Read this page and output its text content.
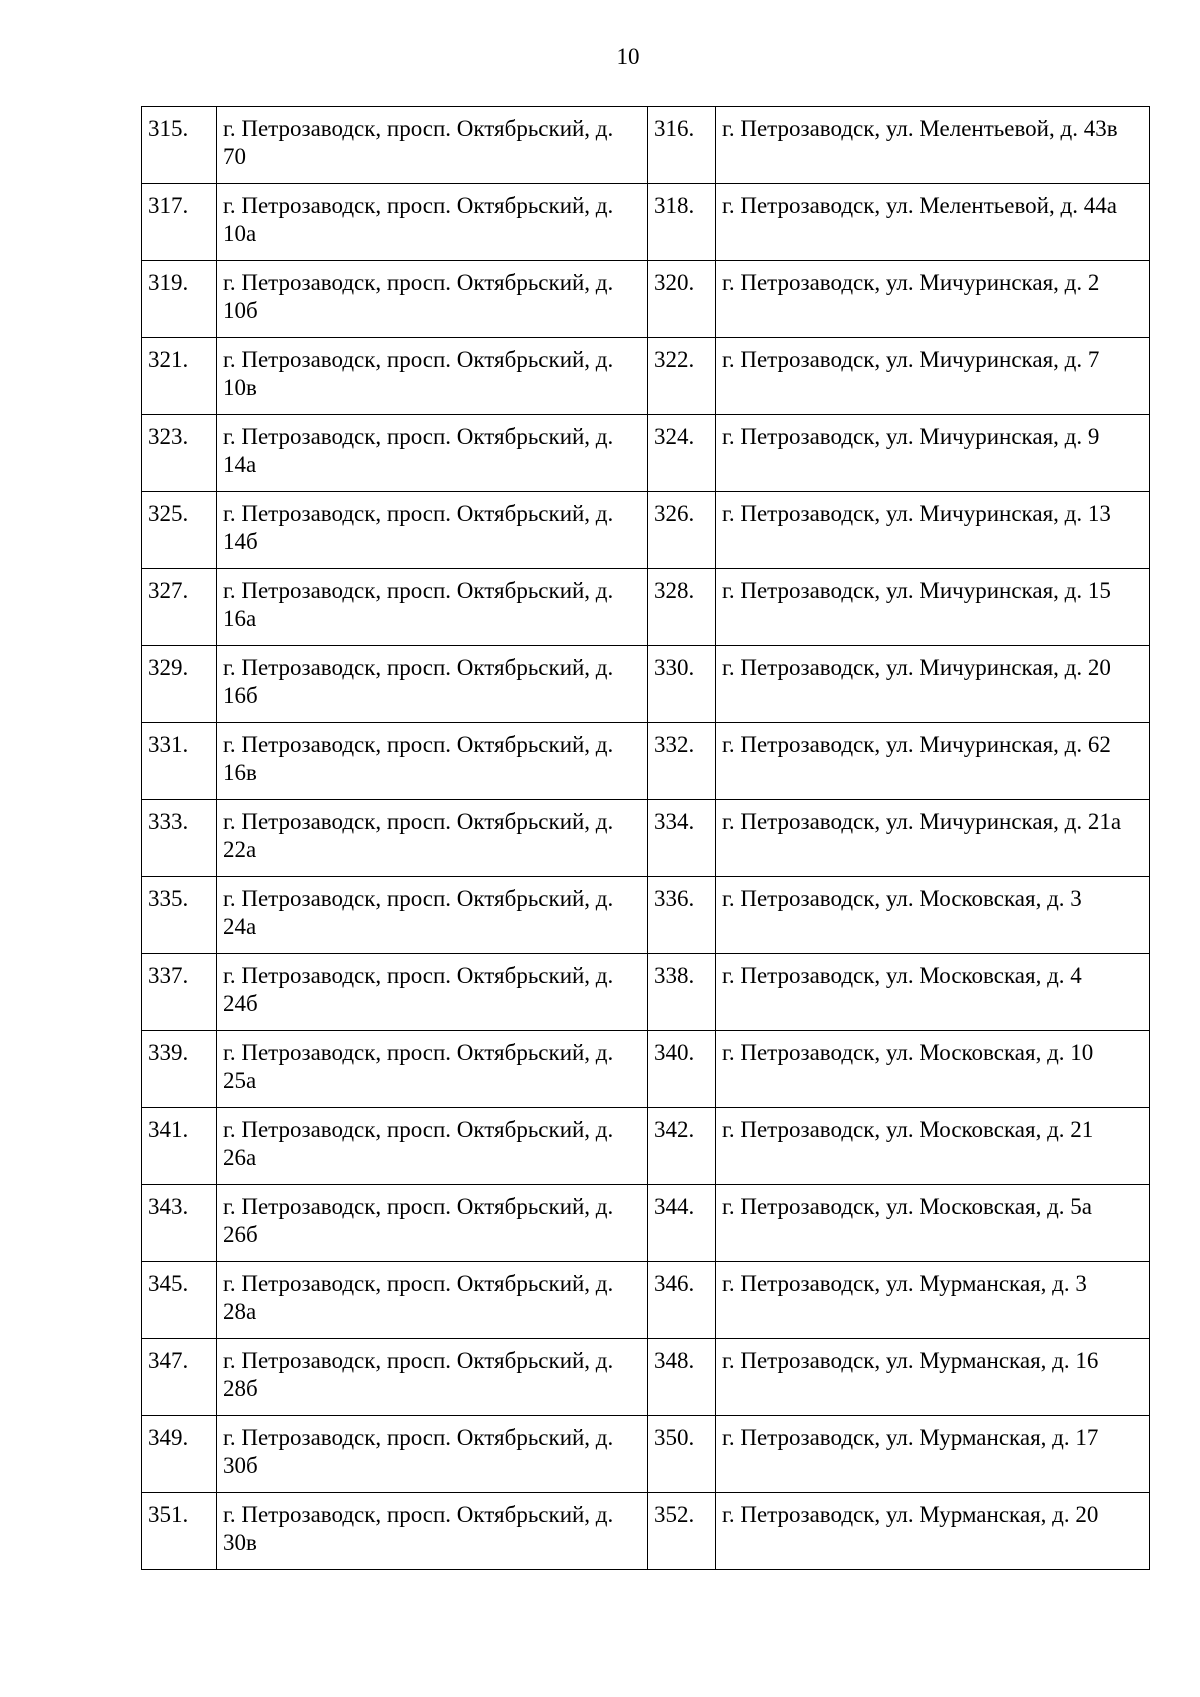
10
315.	г. Петрозаводск, просп. Октябрьский, д. 70	316.	г. Петрозаводск, ул. Мелентьевой, д. 43в
317.	г. Петрозаводск, просп. Октябрьский, д. 10а	318.	г. Петрозаводск, ул. Мелентьевой, д. 44а
319.	г. Петрозаводск, просп. Октябрьский, д. 10б	320.	г. Петрозаводск, ул. Мичуринская, д. 2
321.	г. Петрозаводск, просп. Октябрьский, д. 10в	322.	г. Петрозаводск, ул. Мичуринская, д. 7
323.	г. Петрозаводск, просп. Октябрьский, д. 14а	324.	г. Петрозаводск, ул. Мичуринская, д. 9
325.	г. Петрозаводск, просп. Октябрьский, д. 14б	326.	г. Петрозаводск, ул. Мичуринская, д. 13
327.	г. Петрозаводск, просп. Октябрьский, д. 16а	328.	г. Петрозаводск, ул. Мичуринская, д. 15
329.	г. Петрозаводск, просп. Октябрьский, д. 16б	330.	г. Петрозаводск, ул. Мичуринская, д. 20
331.	г. Петрозаводск, просп. Октябрьский, д. 16в	332.	г. Петрозаводск, ул. Мичуринская, д. 62
333.	г. Петрозаводск, просп. Октябрьский, д. 22а	334.	г. Петрозаводск, ул. Мичуринская, д. 21а
335.	г. Петрозаводск, просп. Октябрьский, д. 24а	336.	г. Петрозаводск, ул. Московская, д. 3
337.	г. Петрозаводск, просп. Октябрьский, д. 24б	338.	г. Петрозаводск, ул. Московская, д. 4
339.	г. Петрозаводск, просп. Октябрьский, д. 25а	340.	г. Петрозаводск, ул. Московская, д. 10
341.	г. Петрозаводск, просп. Октябрьский, д. 26а	342.	г. Петрозаводск, ул. Московская, д. 21
343.	г. Петрозаводск, просп. Октябрьский, д. 26б	344.	г. Петрозаводск, ул. Московская, д. 5а
345.	г. Петрозаводск, просп. Октябрьский, д. 28а	346.	г. Петрозаводск, ул. Мурманская, д. 3
347.	г. Петрозаводск, просп. Октябрьский, д. 28б	348.	г. Петрозаводск, ул. Мурманская, д. 16
349.	г. Петрозаводск, просп. Октябрьский, д. 30б	350.	г. Петрозаводск, ул. Мурманская, д. 17
351.	г. Петрозаводск, просп. Октябрьский, д. 30в	352.	г. Петрозаводск, ул. Мурманская, д. 20
